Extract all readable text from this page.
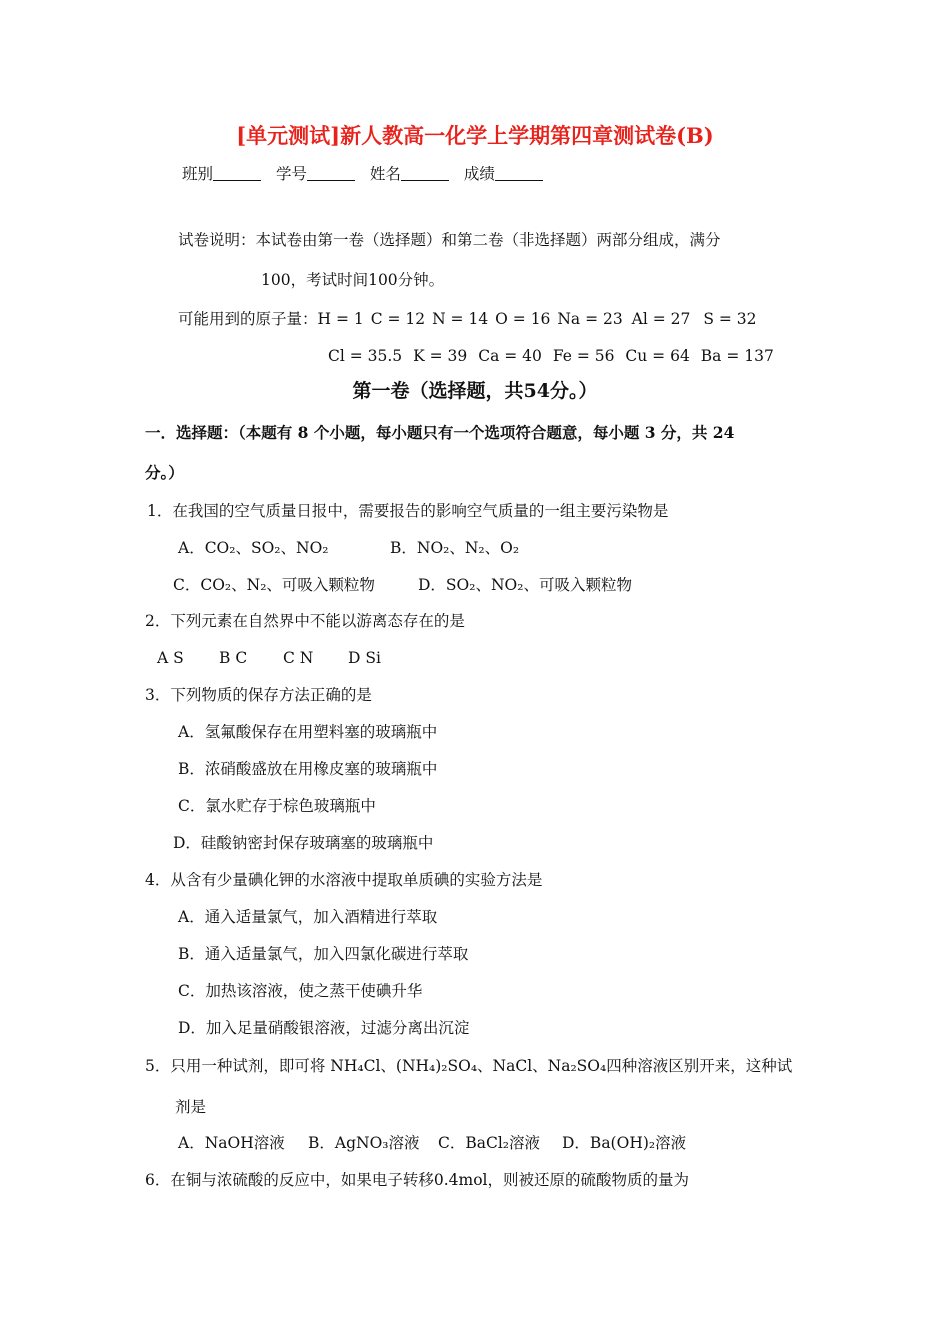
[单元测试]新人教高一化学上学期第四章测试卷(B)
班别	学号	姓名	成绩
试卷说明：本试卷由第一卷（选择题）和第二卷（非选择题）两部分组成，满分
100，考试时间100分钟。
可能用到的原子量：H = 1 C = 12 N = 14 O = 16 Na = 23 Al = 27 S = 32
Cl = 35.5 K = 39 Ca = 40 Fe = 56 Cu = 64 Ba = 137
第一卷（选择题，共54分。）
一．选择题：（本题有 8 个小题，每小题只有一个选项符合题意，每小题 3 分，共 24
分。）
1．在我国的空气质量日报中，需要报告的影响空气质量的一组主要污染物是
A．CO₂、SO₂、NO₂	B．NO₂、N₂、O₂
C．CO₂、N₂、可吸入颗粒物	D．SO₂、NO₂、可吸入颗粒物
2．下列元素在自然界中不能以游离态存在的是
A S B C C N D Si
3．下列物质的保存方法正确的是
A．氢氟酸保存在用塑料塞的玻璃瓶中
B．浓硝酸盛放在用橡皮塞的玻璃瓶中
C．氯水贮存于棕色玻璃瓶中
D．硅酸钠密封保存玻璃塞的玻璃瓶中
4．从含有少量碘化钾的水溶液中提取单质碘的实验方法是
A．通入适量氯气，加入酒精进行萃取
B．通入适量氯气，加入四氯化碳进行萃取
C．加热该溶液，使之蒸干使碘升华
D．加入足量硝酸银溶液，过滤分离出沉淀
5．只用一种试剂，即可将 NH₄Cl、(NH₄)₂SO₄、NaCl、Na₂SO₄四种溶液区别开来，这种试
剂是
A．NaOH溶液 B．AgNO₃溶液 C．BaCl₂溶液 D．Ba(OH)₂溶液
6．在铜与浓硫酸的反应中，如果电子转移0.4mol，则被还原的硫酸物质的量为
